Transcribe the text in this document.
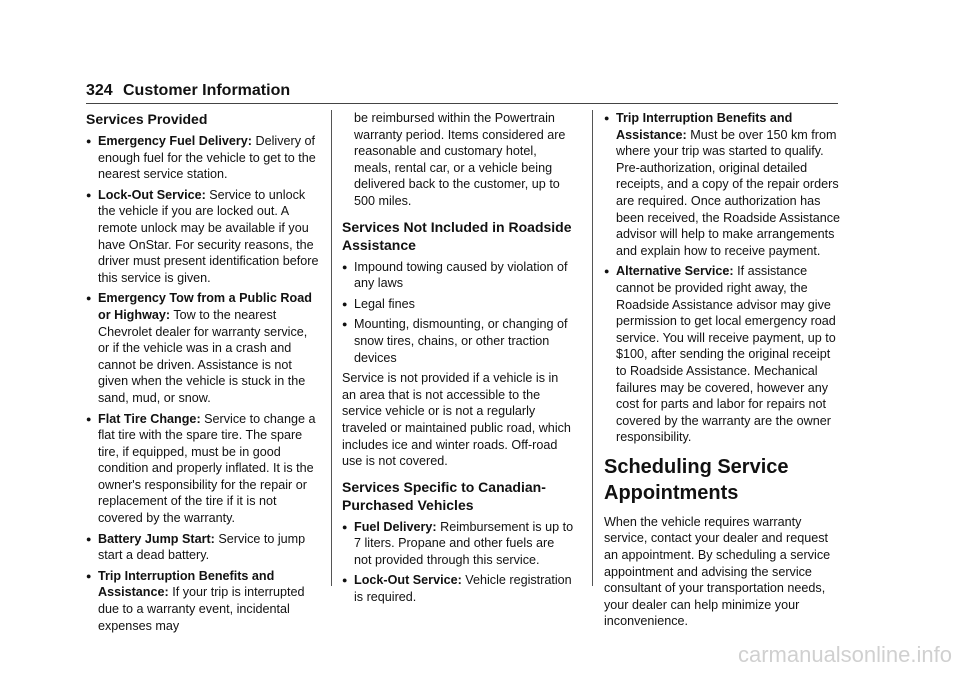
324 Customer Information
Services Provided
● Emergency Fuel Delivery: Delivery of enough fuel for the vehicle to get to the nearest service station.
● Lock-Out Service: Service to unlock the vehicle if you are locked out. A remote unlock may be available if you have OnStar. For security reasons, the driver must present identification before this service is given.
● Emergency Tow from a Public Road or Highway: Tow to the nearest Chevrolet dealer for warranty service, or if the vehicle was in a crash and cannot be driven. Assistance is not given when the vehicle is stuck in the sand, mud, or snow.
● Flat Tire Change: Service to change a flat tire with the spare tire. The spare tire, if equipped, must be in good condition and properly inflated. It is the owner's responsibility for the repair or replacement of the tire if it is not covered by the warranty.
● Battery Jump Start: Service to jump start a dead battery.
● Trip Interruption Benefits and Assistance: If your trip is interrupted due to a warranty event, incidental expenses may

be reimbursed within the Powertrain warranty period. Items considered are reasonable and customary hotel, meals, rental car, or a vehicle being delivered back to the customer, up to 500 miles.

Services Not Included in Roadside Assistance
● Impound towing caused by violation of any laws
● Legal fines
● Mounting, dismounting, or changing of snow tires, chains, or other traction devices

Service is not provided if a vehicle is in an area that is not accessible to the service vehicle or is not a regularly traveled or maintained public road, which includes ice and winter roads. Off-road use is not covered.

Services Specific to Canadian-Purchased Vehicles
● Fuel Delivery: Reimbursement is up to 7 liters. Propane and other fuels are not provided through this service.
● Lock-Out Service: Vehicle registration is required.
● Trip Interruption Benefits and Assistance: Must be over 150 km from where your trip was started to qualify. Pre-authorization, original detailed receipts, and a copy of the repair orders are required. Once authorization has been received, the Roadside Assistance advisor will help to make arrangements and explain how to receive payment.
● Alternative Service: If assistance cannot be provided right away, the Roadside Assistance advisor may give permission to get local emergency road service. You will receive payment, up to $100, after sending the original receipt to Roadside Assistance. Mechanical failures may be covered, however any cost for parts and labor for repairs not covered by the warranty are the owner responsibility.
Scheduling Service Appointments

When the vehicle requires warranty service, contact your dealer and request an appointment. By scheduling a service appointment and advising the service consultant of your transportation needs, your dealer can help minimize your inconvenience.

carmanualsonline.info
